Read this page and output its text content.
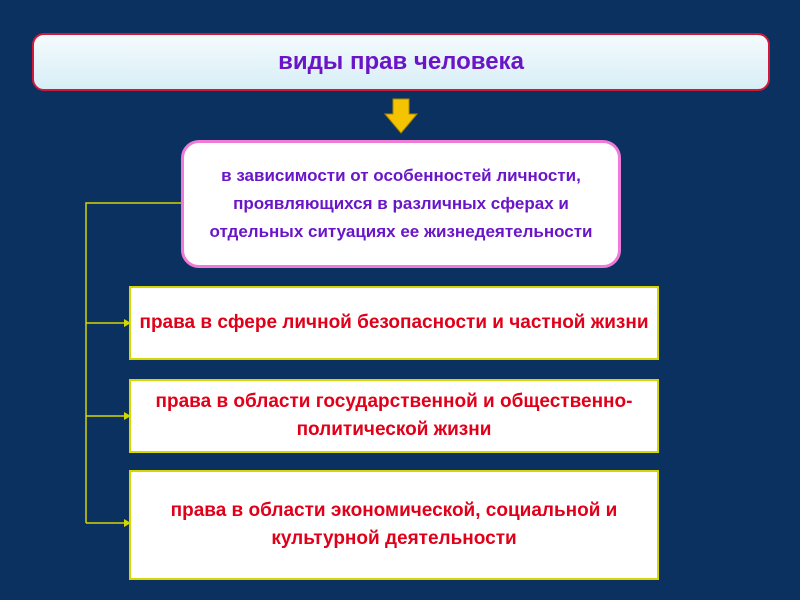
виды прав человека
в зависимости от особенностей личности, проявляющихся в различных сферах и отдельных ситуациях ее жизнедеятельности
права в сфере личной безопасности и частной жизни
права в области государственной и общественно-политической жизни
права в области экономической, социальной и культурной деятельности
